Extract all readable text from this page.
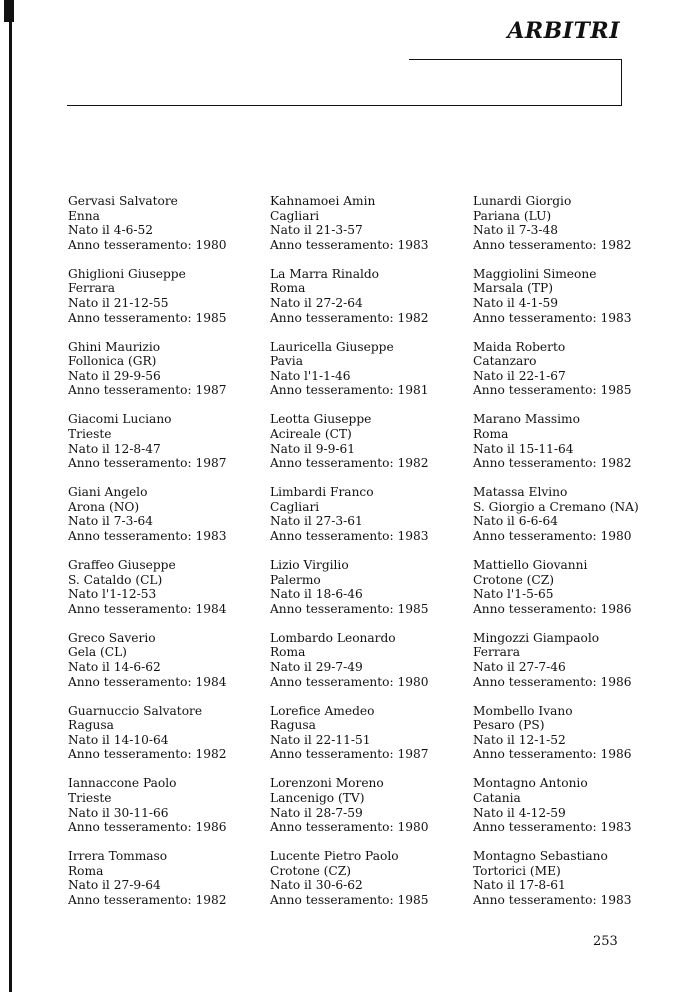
ARBITRI
Gervasi Salvatore
Enna
Nato il 4-6-52
Anno tesseramento: 1980
Ghiglioni Giuseppe
Ferrara
Nato il 21-12-55
Anno tesseramento: 1985
Ghini Maurizio
Follonica (GR)
Nato il 29-9-56
Anno tesseramento: 1987
Giacomi Luciano
Trieste
Nato il 12-8-47
Anno tesseramento: 1987
Giani Angelo
Arona (NO)
Nato il 7-3-64
Anno tesseramento: 1983
Graffeo Giuseppe
S. Cataldo (CL)
Nato l'1-12-53
Anno tesseramento: 1984
Greco Saverio
Gela (CL)
Nato il 14-6-62
Anno tesseramento: 1984
Guarnuccio Salvatore
Ragusa
Nato il 14-10-64
Anno tesseramento: 1982
Iannaccone Paolo
Trieste
Nato il 30-11-66
Anno tesseramento: 1986
Irrera Tommaso
Roma
Nato il 27-9-64
Anno tesseramento: 1982
Kahnamoei Amin
Cagliari
Nato il 21-3-57
Anno tesseramento: 1983
La Marra Rinaldo
Roma
Nato il 27-2-64
Anno tesseramento: 1982
Lauricella Giuseppe
Pavia
Nato l'1-1-46
Anno tesseramento: 1981
Leotta Giuseppe
Acireale (CT)
Nato il 9-9-61
Anno tesseramento: 1982
Limbardi Franco
Cagliari
Nato il 27-3-61
Anno tesseramento: 1983
Lizio Virgilio
Palermo
Nato il 18-6-46
Anno tesseramento: 1985
Lombardo Leonardo
Roma
Nato il 29-7-49
Anno tesseramento: 1980
Lorefice Amedeo
Ragusa
Nato il 22-11-51
Anno tesseramento: 1987
Lorenzoni Moreno
Lancenigo (TV)
Nato il 28-7-59
Anno tesseramento: 1980
Lucente Pietro Paolo
Crotone (CZ)
Nato il 30-6-62
Anno tesseramento: 1985
Lunardi Giorgio
Pariana (LU)
Nato il 7-3-48
Anno tesseramento: 1982
Maggiolini Simeone
Marsala (TP)
Nato il 4-1-59
Anno tesseramento: 1983
Maida Roberto
Catanzaro
Nato il 22-1-67
Anno tesseramento: 1985
Marano Massimo
Roma
Nato il 15-11-64
Anno tesseramento: 1982
Matassa Elvino
S. Giorgio a Cremano (NA)
Nato il 6-6-64
Anno tesseramento: 1980
Mattiello Giovanni
Crotone (CZ)
Nato l'1-5-65
Anno tesseramento: 1986
Mingozzi Giampaolo
Ferrara
Nato il 27-7-46
Anno tesseramento: 1986
Mombello Ivano
Pesaro (PS)
Nato il 12-1-52
Anno tesseramento: 1986
Montagno Antonio
Catania
Nato il 4-12-59
Anno tesseramento: 1983
Montagno Sebastiano
Tortorici (ME)
Nato il 17-8-61
Anno tesseramento: 1983
253
